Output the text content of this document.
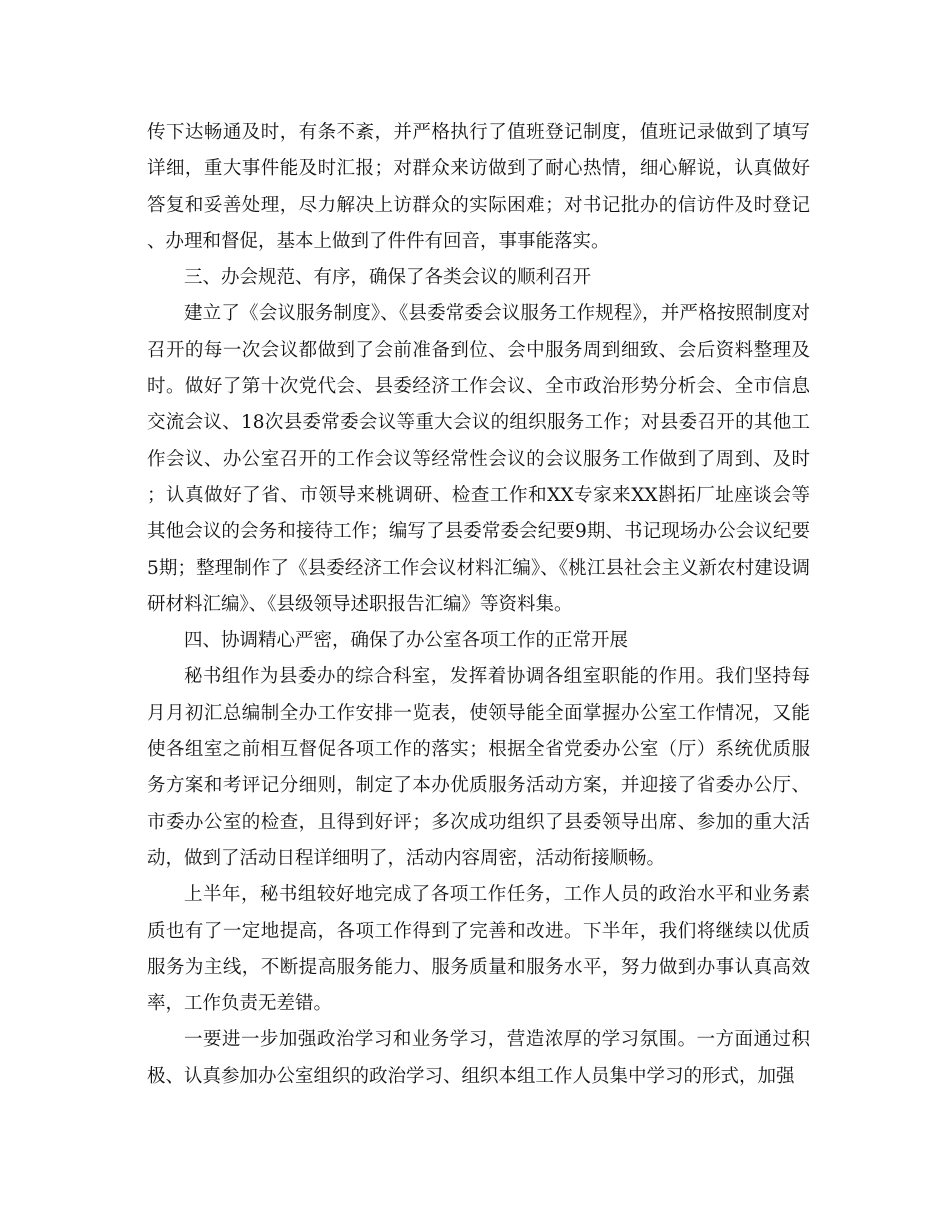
传下达畅通及时，有条不紊，并严格执行了值班登记制度，值班记录做到了填写详细，重大事件能及时汇报；对群众来访做到了耐心热情，细心解说，认真做好答复和妥善处理，尽力解决上访群众的实际困难；对书记批办的信访件及时登记、办理和督促，基本上做到了件件有回音，事事能落实。

三、办会规范、有序，确保了各类会议的顺利召开

建立了《会议服务制度》、《县委常委会议服务工作规程》，并严格按照制度对召开的每一次会议都做到了会前准备到位、会中服务周到细致、会后资料整理及时。做好了第十次党代会、县委经济工作会议、全市政治形势分析会、全市信息交流会议、18次县委常委会议等重大会议的组织服务工作；对县委召开的其他工作会议、办公室召开的工作会议等经常性会议的会议服务工作做到了周到、及时；认真做好了省、市领导来桃调研、检查工作和XX专家来XX斟拓厂址座谈会等其他会议的会务和接待工作；编写了县委常委会纪要9期、书记现场办公会议纪要5期；整理制作了《县委经济工作会议材料汇编》、《桃江县社会主义新农村建设调研材料汇编》、《县级领导述职报告汇编》等资料集。

四、协调精心严密，确保了办公室各项工作的正常开展

秘书组作为县委办的综合科室，发挥着协调各组室职能的作用。我们坚持每月月初汇总编制全办工作安排一览表，使领导能全面掌握办公室工作情况，又能使各组室之前相互督促各项工作的落实；根据全省党委办公室（厅）系统优质服务方案和考评记分细则，制定了本办优质服务活动方案，并迎接了省委办公厅、市委办公室的检查，且得到好评；多次成功组织了县委领导出席、参加的重大活动，做到了活动日程详细明了，活动内容周密，活动衔接顺畅。

上半年，秘书组较好地完成了各项工作任务，工作人员的政治水平和业务素质也有了一定地提高，各项工作得到了完善和改进。下半年，我们将继续以优质服务为主线，不断提高服务能力、服务质量和服务水平，努力做到办事认真高效率，工作负责无差错。

一要进一步加强政治学习和业务学习，营造浓厚的学习氛围。一方面通过积极、认真参加办公室组织的政治学习、组织本组工作人员集中学习的形式，加强
